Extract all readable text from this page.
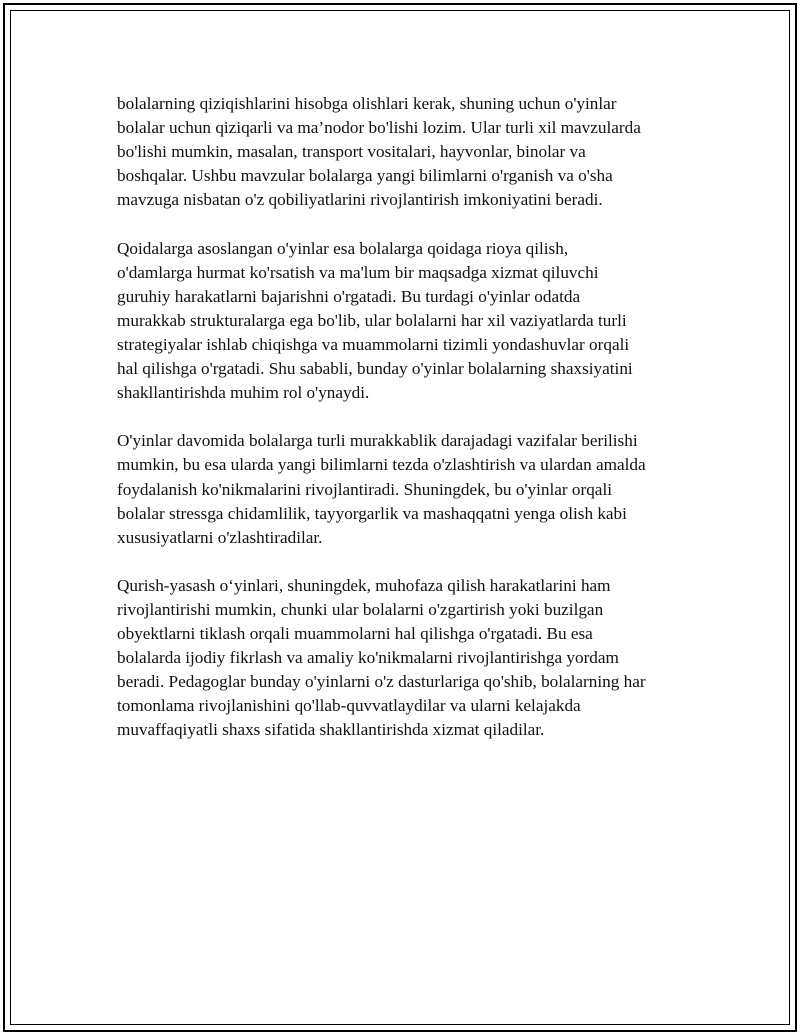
bolalarning qiziqishlarini hisobga olishlari kerak, shuning uchun o'yinlar
bolalar uchun qiziqarli va ma’nodor bo'lishi lozim. Ular turli xil mavzularda
bo'lishi mumkin, masalan, transport vositalari, hayvonlar, binolar va
boshqalar. Ushbu mavzular bolalarga yangi bilimlarni o'rganish va o'sha
mavzuga nisbatan o'z qobiliyatlarini rivojlantirish imkoniyatini beradi.

Qoidalarga asoslangan o'yinlar esa bolalarga qoidaga rioya qilish,
o'damlarga hurmat ko'rsatish va ma'lum bir maqsadga xizmat qiluvchi
guruhiy harakatlarni bajarishni o'rgatadi. Bu turdagi o'yinlar odatda
murakkab strukturalarga ega bo'lib, ular bolalarni har xil vaziyatlarda turli
strategiyalar ishlab chiqishga va muammolarni tizimli yondashuvlar orqali
hal qilishga o'rgatadi. Shu sababli, bunday o'yinlar bolalarning shaxsiyatini
shakllantirishda muhim rol o'ynaydi.

O'yinlar davomida bolalarga turli murakkablik darajadagi vazifalar berilishi
mumkin, bu esa ularda yangi bilimlarni tezda o'zlashtirish va ulardan amalda
foydalanish ko'nikmalarini rivojlantiradi. Shuningdek, bu o'yinlar orqali
bolalar stressga chidamlilik, tayyorgarlik va mashaqqatni yenga olish kabi
xususiyatlarni o'zlashtiradilar.

Qurish-yasash o‘yinlari, shuningdek, muhofaza qilish harakatlarini ham
rivojlantirishi mumkin, chunki ular bolalarni o'zgartirish yoki buzilgan
obyektlarni tiklash orqali muammolarni hal qilishga o'rgatadi. Bu esa
bolalarda ijodiy fikrlash va amaliy ko'nikmalarni rivojlantirishga yordam
beradi. Pedagoglar bunday o'yinlarni o'z dasturlariga qo'shib, bolalarning har
tomonlama rivojlanishini qo'llab-quvvatlaydilar va ularni kelajakda
muvaffaqiyatli shaxs sifatida shakllantirishda xizmat qiladilar.
